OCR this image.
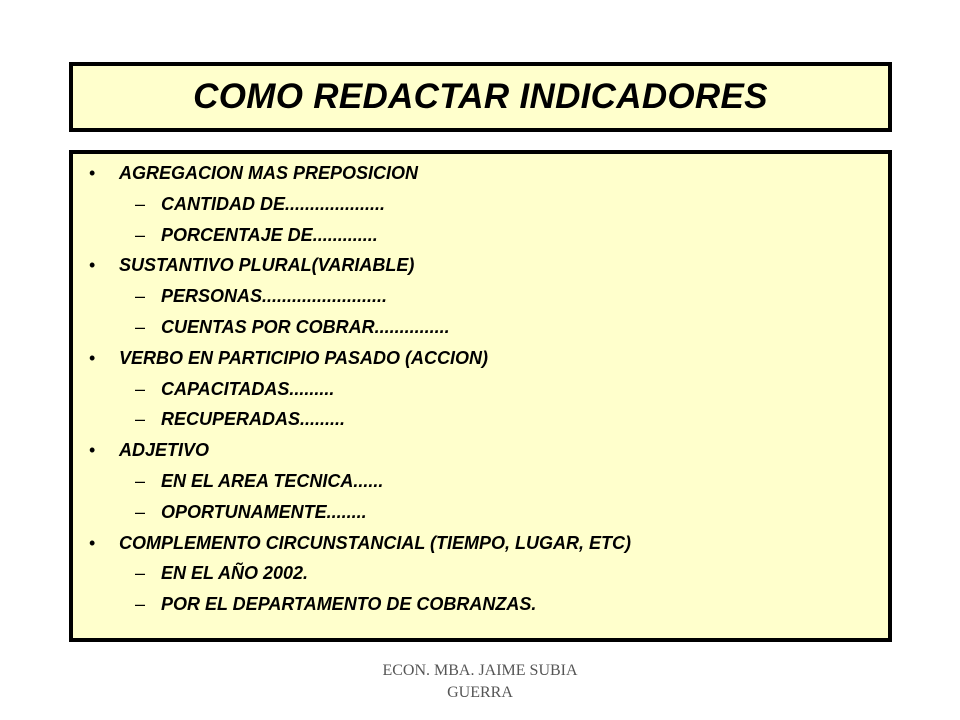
COMO REDACTAR INDICADORES
• AGREGACION MAS PREPOSICION
– CANTIDAD DE....................
– PORCENTAJE DE.............
• SUSTANTIVO PLURAL(VARIABLE)
– PERSONAS.........................
– CUENTAS POR COBRAR...............
• VERBO EN PARTICIPIO PASADO (ACCION)
– CAPACITADAS.........
– RECUPERADAS.........
• ADJETIVO
– EN EL AREA TECNICA......
– OPORTUNAMENTE........
• COMPLEMENTO CIRCUNSTANCIAL (TIEMPO, LUGAR, ETC)
– EN EL AÑO 2002.
– POR EL DEPARTAMENTO DE COBRANZAS.
ECON. MBA. JAIME SUBIA
GUERRA
